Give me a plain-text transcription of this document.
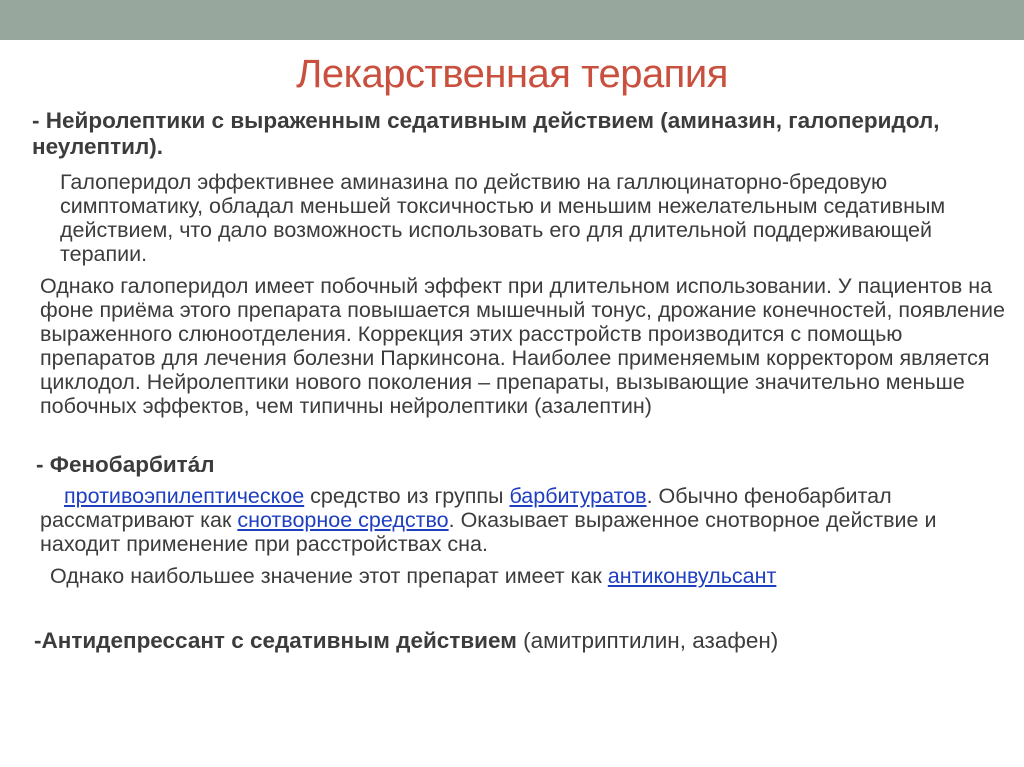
Лекарственная терапия

- Нейролептики с выраженным седативным действием (аминазин, галоперидол, неулептил).

Галоперидол эффективнее аминазина по действию на галлюцинаторно-бредовую симптоматику, обладал меньшей токсичностью и меньшим нежелательным седативным действием, что дало возможность использовать его для длительной поддерживающей терапии.

Однако галоперидол имеет побочный эффект при длительном использовании. У пациентов на фоне приёма этого препарата повышается мышечный тонус, дрожание конечностей, появление выраженного слюноотделения. Коррекция этих расстройств производится с помощью препаратов для лечения болезни Паркинсона. Наиболее применяемым корректором является циклодол. Нейролептики нового поколения – препараты, вызывающие значительно меньше побочных эффектов, чем типичны нейролептики (азалептин)

- Фенобарбитáл

противоэпилептическое средство из группы барбитуратов. Обычно фенобарбитал рассматривают как снотворное средство. Оказывает выраженное снотворное действие и находит применение при расстройствах сна.

Однако наибольшее значение этот препарат имеет как антиконвульсант

-Антидепрессант с седативным действием (амитриптилин, азафен)
